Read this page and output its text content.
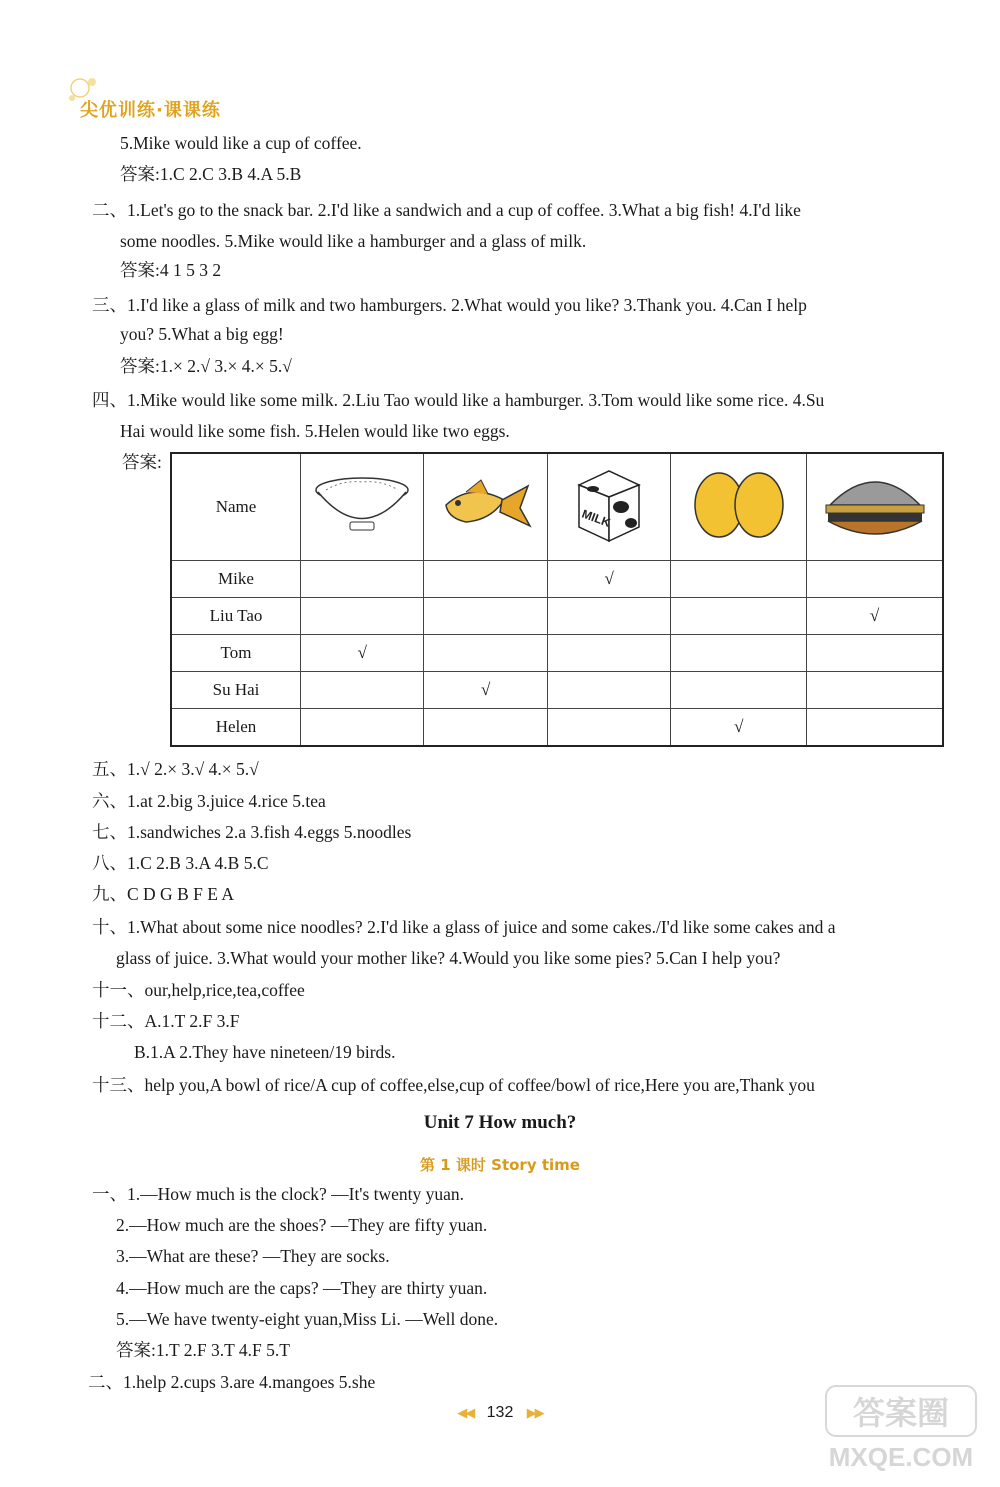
尖优训练·课课练
5.Mike would like a cup of coffee.
答案:1.C 2.C 3.B 4.A 5.B
二、1.Let's go to the snack bar. 2.I'd like a sandwich and a cup of coffee. 3.What a big fish! 4.I'd like
some noodles. 5.Mike would like a hamburger and a glass of milk.
答案:4 1 5 3 2
三、1.I'd like a glass of milk and two hamburgers. 2.What would you like? 3.Thank you. 4.Can I help
you? 5.What a big egg!
答案:1.× 2.√ 3.× 4.× 5.√
四、1.Mike would like some milk. 2.Liu Tao would like a hamburger. 3.Tom would like some rice. 4.Su
Hai would like some fish. 5.Helen would like two eggs.
答案:
Name			MILK

Mike			√		
Liu Tao					√
Tom	√				
Su Hai		√			
Helen				√	
五、1.√ 2.× 3.√ 4.× 5.√
六、1.at 2.big 3.juice 4.rice 5.tea
七、1.sandwiches 2.a 3.fish 4.eggs 5.noodles
八、1.C 2.B 3.A 4.B 5.C
九、C D G B F E A
十、1.What about some nice noodles? 2.I'd like a glass of juice and some cakes./I'd like some cakes and a
glass of juice. 3.What would your mother like? 4.Would you like some pies? 5.Can I help you?
十一、our,help,rice,tea,coffee
十二、A.1.T 2.F 3.F
B.1.A 2.They have nineteen/19 birds.
十三、help you,A bowl of rice/A cup of coffee,else,cup of coffee/bowl of rice,Here you are,Thank you
Unit 7 How much?
第 1 课时 Story time
一、1.—How much is the clock? —It's twenty yuan.
2.—How much are the shoes? —They are fifty yuan.
3.—What are these? —They are socks.
4.—How much are the caps? —They are thirty yuan.
5.—We have twenty-eight yuan,Miss Li. —Well done.
答案:1.T 2.F 3.T 4.F 5.T
二、1.help 2.cups 3.are 4.mangoes 5.she
◀◀ 132 ▶▶	答案圈
MXQE.COM
